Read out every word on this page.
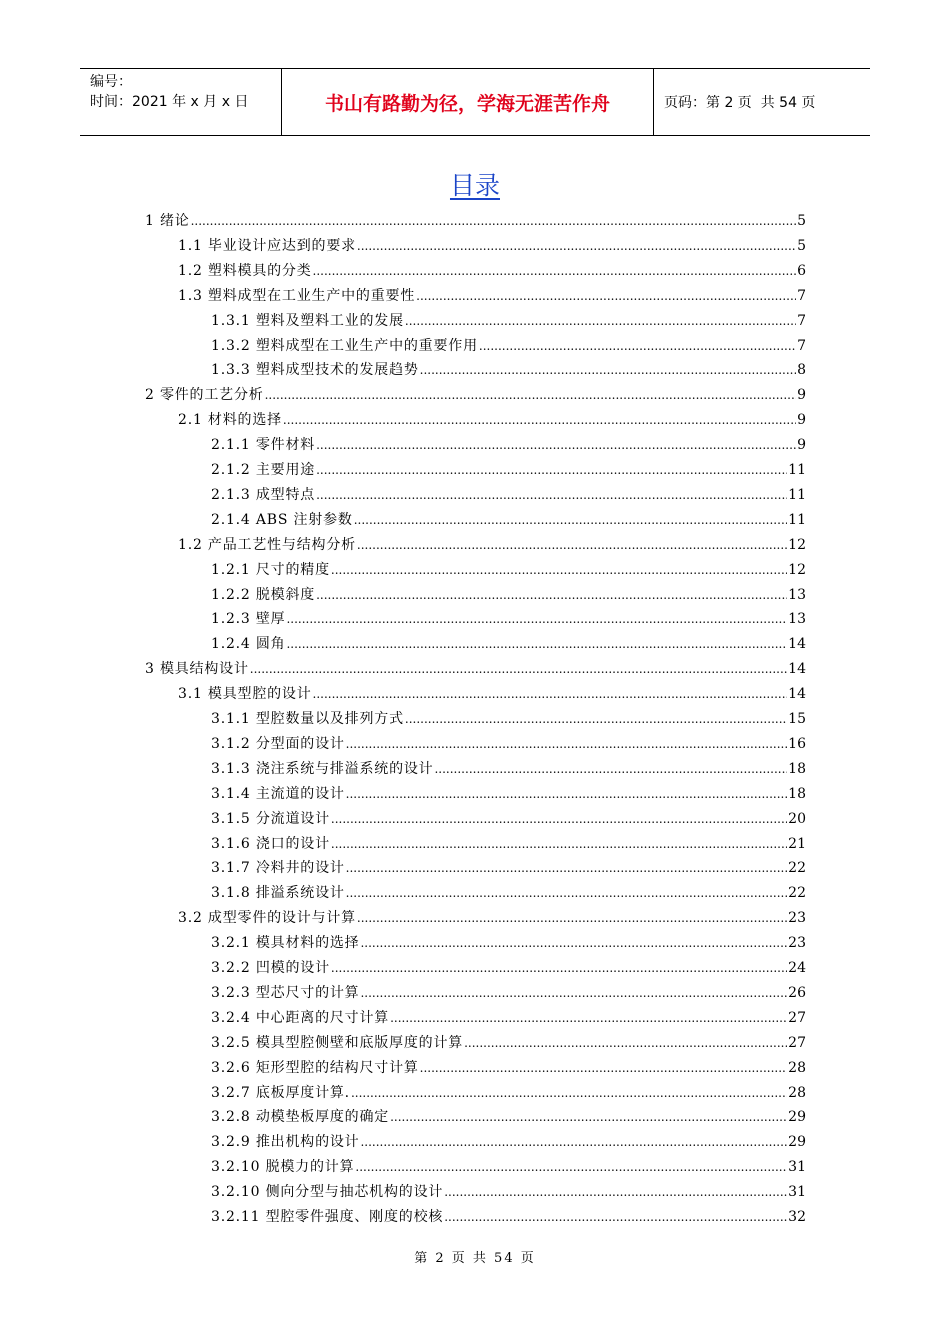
编号：
时间：2021 年 x 月 x 日	书山有路勤为径，学海无涯苦作舟	页码：第 2 页  共 54 页
目录
1 绪论 .....	5
1.1 毕业设计应达到的要求 .....	5
1.2 塑料模具的分类 .....	6
1.3 塑料成型在工业生产中的重要性 .....	7
1.3.1 塑料及塑料工业的发展 .....	7
1.3.2 塑料成型在工业生产中的重要作用 .....	7
1.3.3 塑料成型技术的发展趋势 .....	8
2 零件的工艺分析 .....	9
2.1 材料的选择 .....	9
2.1.1 零件材料 .....	9
2.1.2 主要用途 .....	11
2.1.3 成型特点 .....	11
2.1.4 ABS 注射参数 .....	11
1.2 产品工艺性与结构分析 .....	12
1.2.1 尺寸的精度 .....	12
1.2.2 脱模斜度 .....	13
1.2.3 壁厚 .....	13
1.2.4 圆角 .....	14
3 模具结构设计 .....	14
3.1 模具型腔的设计 .....	14
3.1.1 型腔数量以及排列方式 .....	15
3.1.2 分型面的设计 .....	16
3.1.3 浇注系统与排溢系统的设计 .....	18
3.1.4 主流道的设计 .....	18
3.1.5 分流道设计 .....	20
3.1.6 浇口的设计 .....	21
3.1.7 冷料井的设计 .....	22
3.1.8 排溢系统设计 .....	22
3.2 成型零件的设计与计算 .....	23
3.2.1 模具材料的选择 .....	23
3.2.2 凹模的设计 .....	24
3.2.3 型芯尺寸的计算 .....	26
3.2.4 中心距离的尺寸计算 .....	27
3.2.5 模具型腔侧壁和底版厚度的计算 .....	27
3.2.6 矩形型腔的结构尺寸计算 .....	28
3.2.7 底板厚度计算. .....	28
3.2.8 动模垫板厚度的确定 .....	29
3.2.9 推出机构的设计 .....	29
3.2.10 脱模力的计算 .....	31
3.2.10 侧向分型与抽芯机构的设计 .....	31
3.2.11 型腔零件强度、刚度的校核 .....	32
第 2 页 共 54 页
